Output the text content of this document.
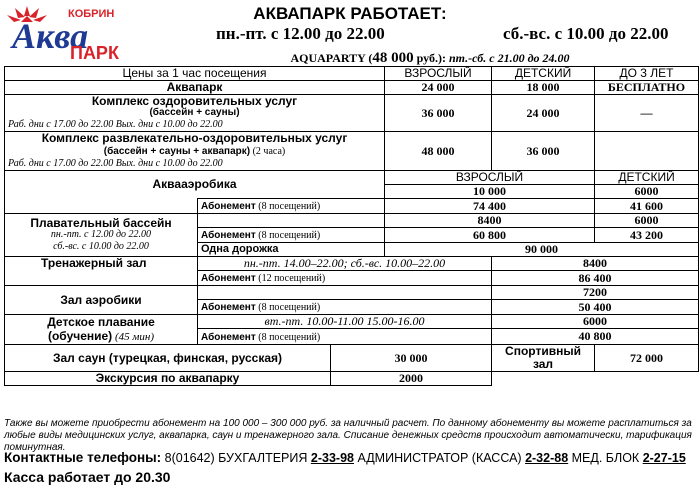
КОБРИН
Аква
ПАРК
АКВАПАРК РАБОТАЕТ:
пн.-пт. с 12.00 до 22.00	сб.-вс. с 10.00 до 22.00
AQUAPARTY (48 000 руб.): пт.-сб. с 21.00 до 24.00
Цены за 1 час посещения			ВЗРОСЛЫЙ	ДЕТСКИЙ	ДО 3 ЛЕТ
Аквапарк			24 000	18 000	БЕСПЛАТНО

Комплекс оздоровительных услуг
(бассейн + сауны)
Раб. дни с 17.00 до 22.00 Вых. дни с 10.00 до 22.00			36 000	24 000	—

Комплекс развлекательно-оздоровительных услуг
(бассейн + сауны + аквапарк) (2 часа)
Раб. дни с 17.00 до 22.00 Вых. дни с 10.00 до 22.00			48 000	36 000	
Аквааэробика			ВЗРОСЛЫЙ		ДЕТСКИЙ
			10 000		6000
	Абонемент (8 посещений)		74 400		41 600

Плавательный бассейн
пн.-пт. с 12.00 до 22.00
сб.-вс. с 10.00 до 22.00			8400		6000
	Абонемент (8 посещений)		60 800		43 200
	Одна дорожка		90 000		
Тренажерный зал	пн.-пт. 14.00–22.00; сб.-вс. 10.00–22.00			8400	
	Абонемент (12 посещений)			86 400	
Зал аэробики				7200	
	Абонемент (8 посещений)			50 400	

Детское плавание
(обучение) (45 мин)	вт.-пт. 10.00-11.00 15.00-16.00			6000	
	Абонемент (8 посещений)			40 800	
Зал саун (турецкая, финская, русская)		30 000		Спортивный зал	72 000
Экскурсия по аквапарку		2000			
Также вы можете приобрести абонемент на 100 000 – 300 000 руб. за наличный расчет. По данному абонементу вы можете расплатиться за любые виды медицинских услуг, аквапарка, саун и тренажерного зала. Списание денежных средств происходит автоматически, тарификация поминутная.
Контактные телефоны: 8(01642) БУХГАЛТЕРИЯ 2-33-98 АДМИНИСТРАТОР (КАССА) 2-32-88 МЕД. БЛОК 2-27-15
Касса работает до 20.30
